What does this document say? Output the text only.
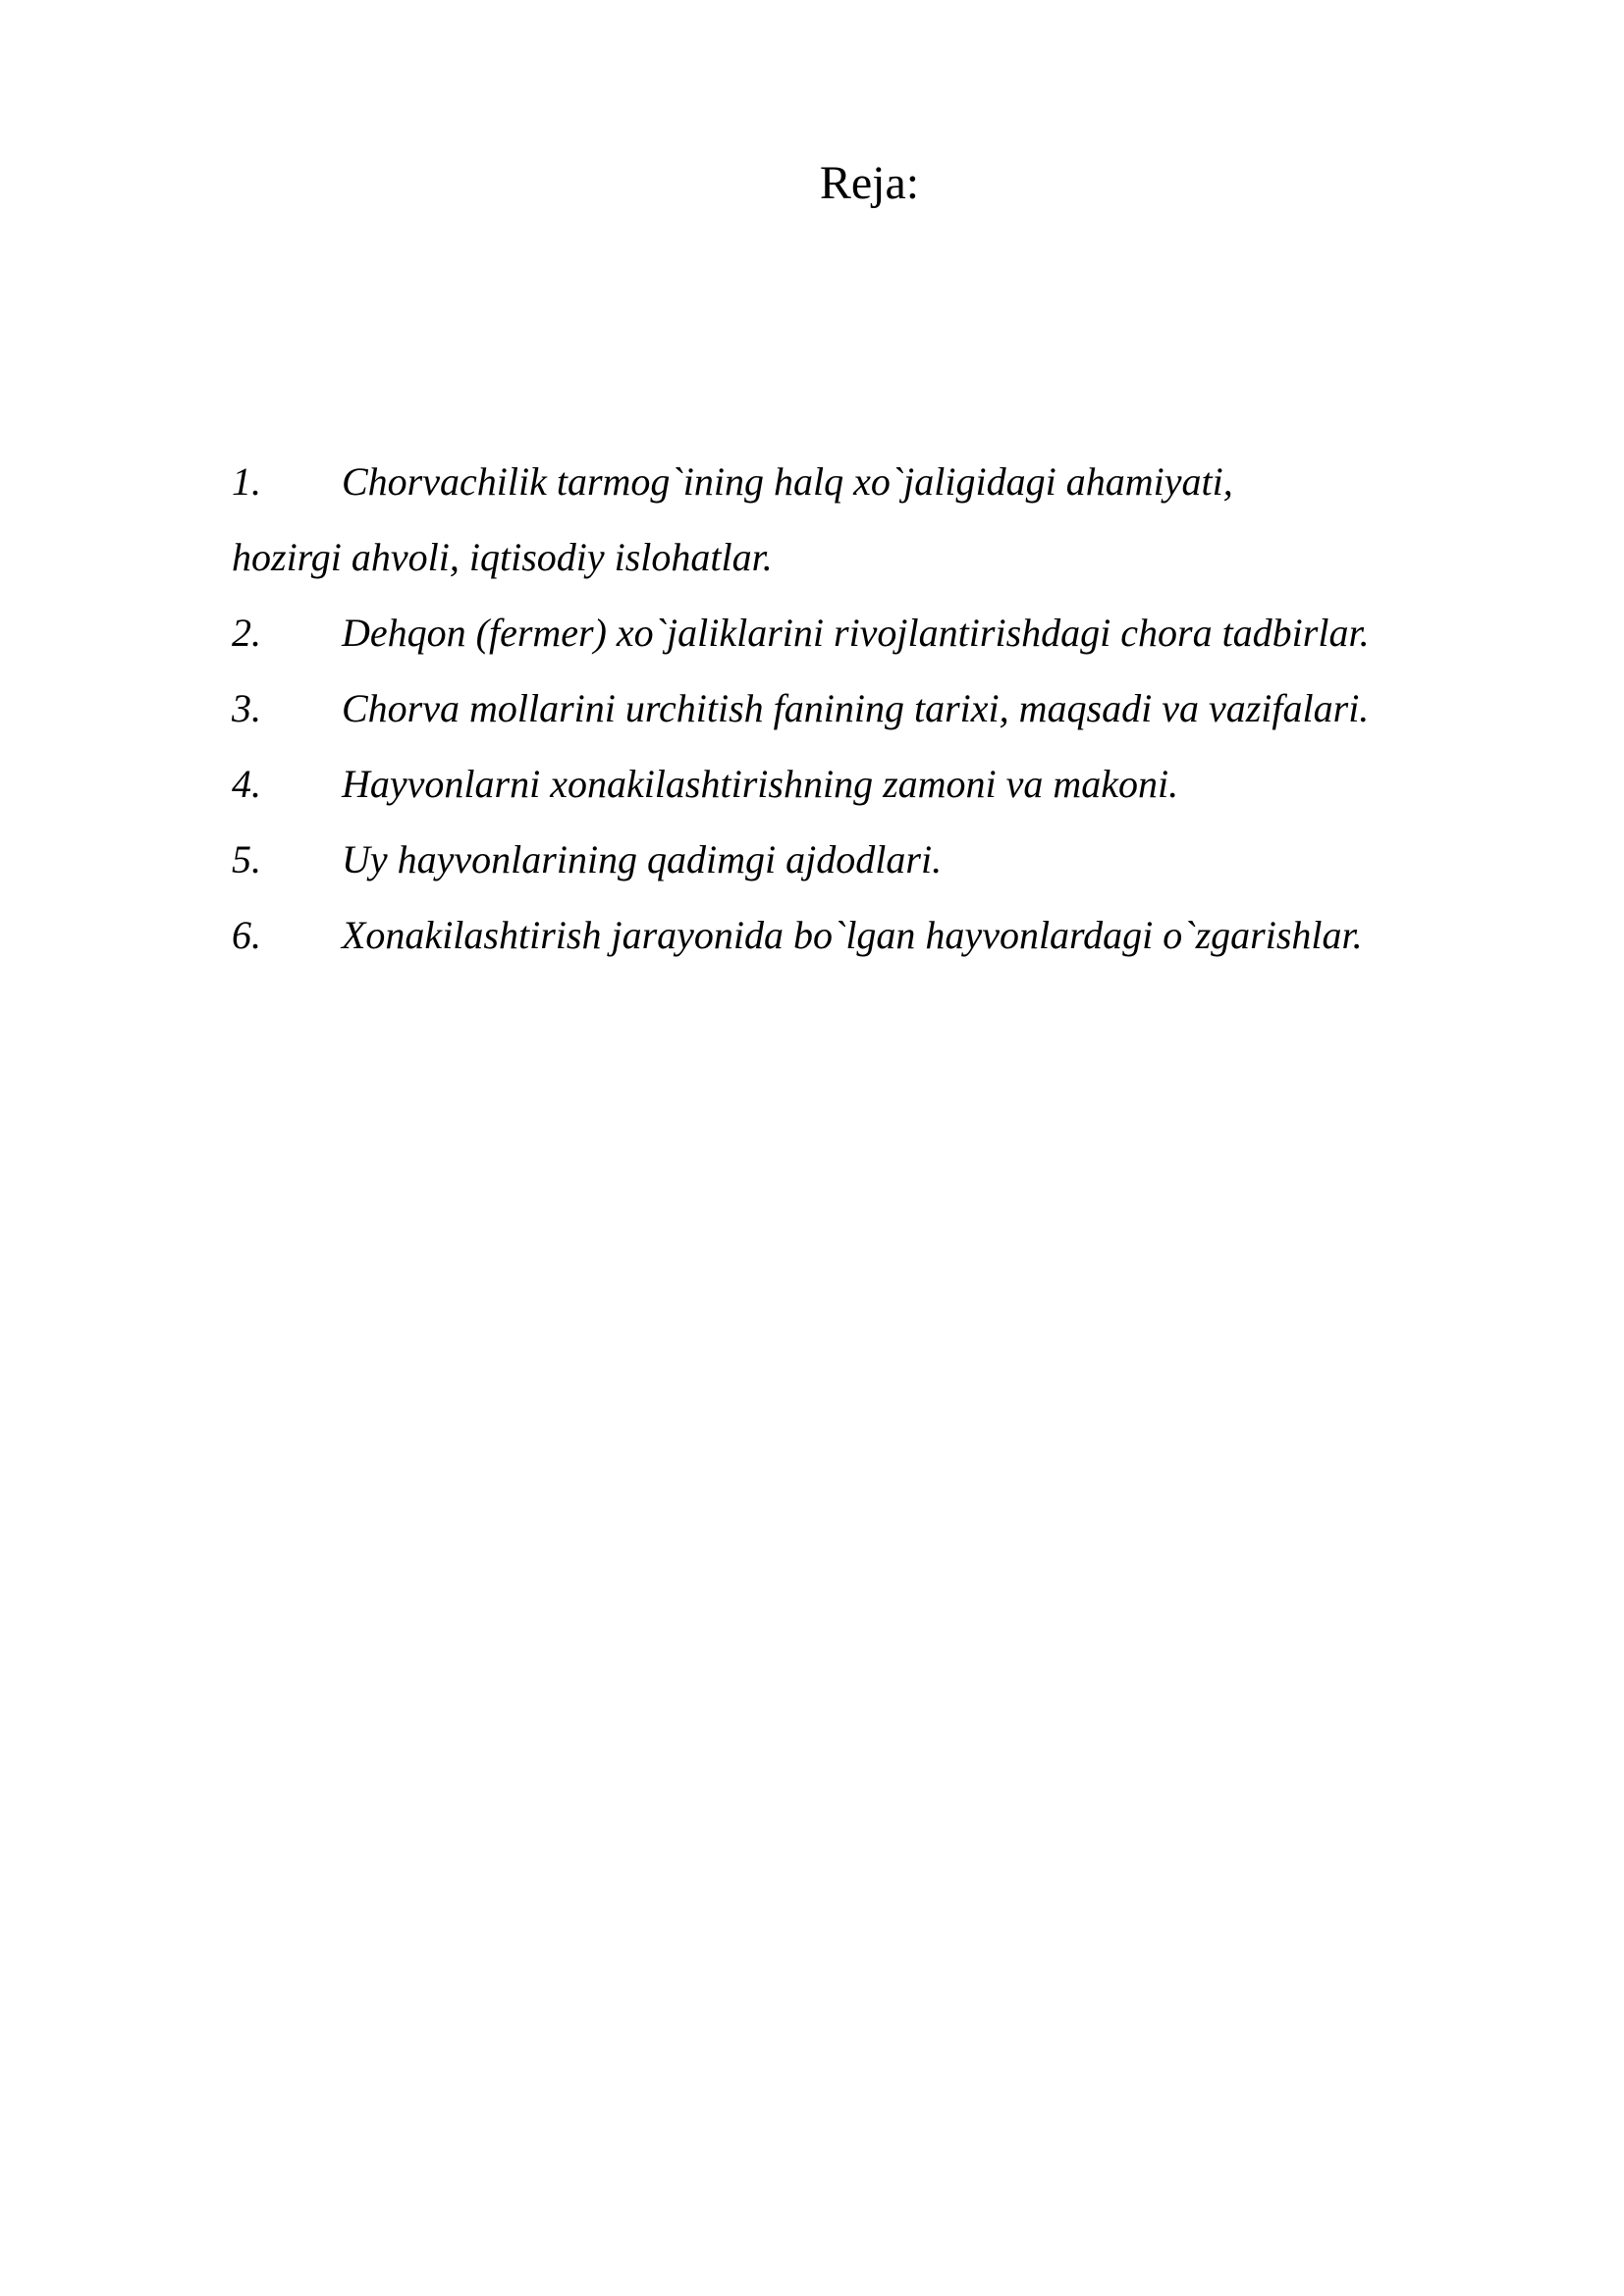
Reja:
1. Chorvachilik tarmog`ining halq xo`jaligidagi ahamiyati,
hozirgi ahvoli, iqtisodiy islohatlar.
2. Dehqon (fermer) xo`jaliklarini rivojlantirishdagi chora tadbirlar.
3. Chorva mollarini urchitish fanining tarixi, maqsadi va vazifalari.
4. Hayvonlarni xonakilashtirishning zamoni va makoni.
5. Uy hayvonlarining qadimgi ajdodlari.
6. Xonakilashtirish jarayonida bo`lgan hayvonlardagi o`zgarishlar.
